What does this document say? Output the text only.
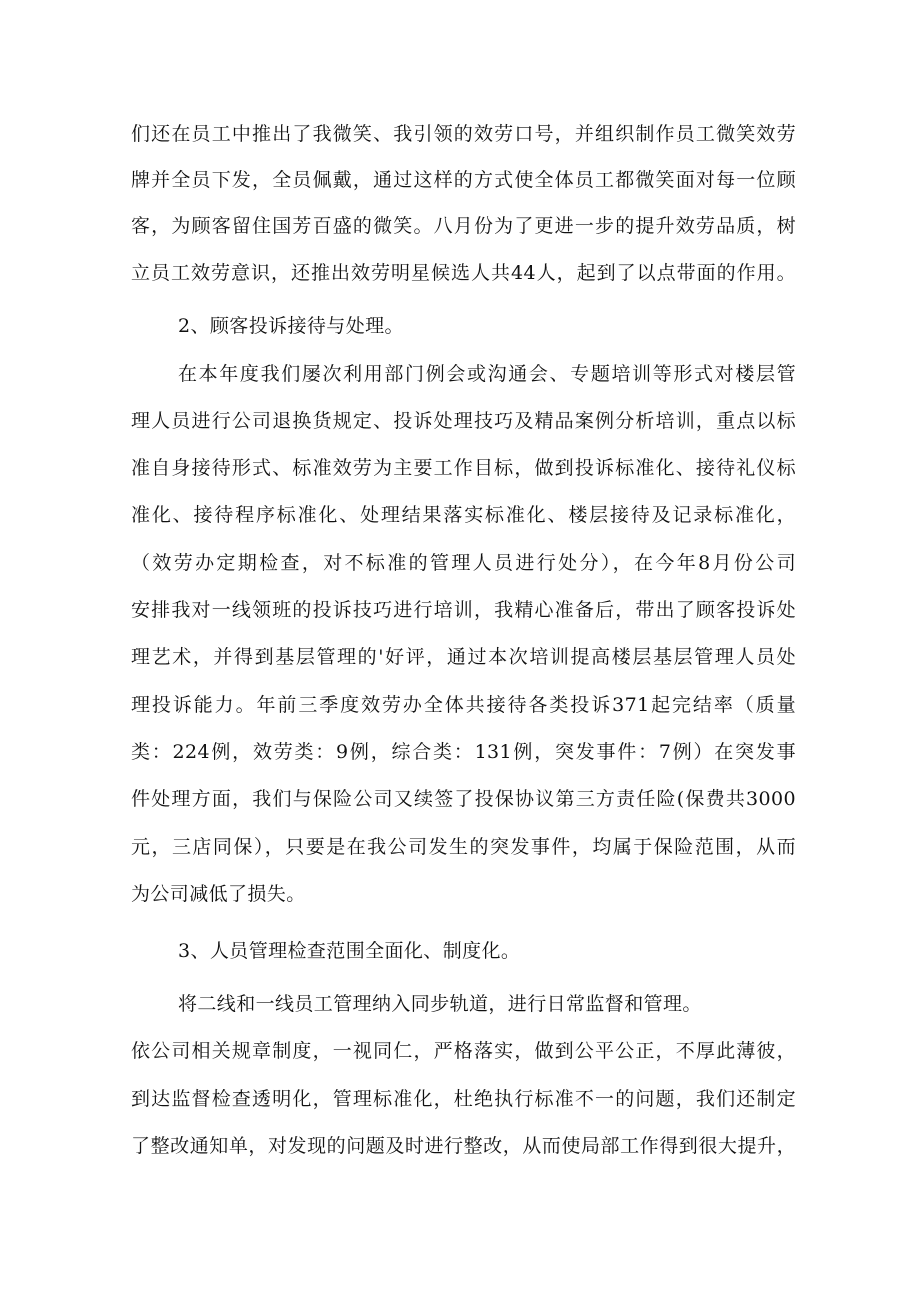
们还在员工中推出了我微笑、我引领的效劳口号，并组织制作员工微笑效劳
牌并全员下发，全员佩戴，通过这样的方式使全体员工都微笑面对每一位顾
客，为顾客留住国芳百盛的微笑。八月份为了更进一步的提升效劳品质，树
立员工效劳意识，还推出效劳明星候选人共44人，起到了以点带面的作用。
2、顾客投诉接待与处理。
在本年度我们屡次利用部门例会或沟通会、专题培训等形式对楼层管
理人员进行公司退换货规定、投诉处理技巧及精品案例分析培训，重点以标
准自身接待形式、标准效劳为主要工作目标，做到投诉标准化、接待礼仪标
准化、接待程序标准化、处理结果落实标准化、楼层接待及记录标准化，
（效劳办定期检查，对不标准的管理人员进行处分），在今年8月份公司
安排我对一线领班的投诉技巧进行培训，我精心准备后，带出了顾客投诉处
理艺术，并得到基层管理的'好评，通过本次培训提高楼层基层管理人员处
理投诉能力。年前三季度效劳办全体共接待各类投诉371起完结率（质量
类：224例，效劳类：9例，综合类：131例，突发事件：7例）在突发事
件处理方面，我们与保险公司又续签了投保协议第三方责任险(保费共3000
元，三店同保），只要是在我公司发生的突发事件，均属于保险范围，从而
为公司减低了损失。
3、人员管理检查范围全面化、制度化。
将二线和一线员工管理纳入同步轨道，进行日常监督和管理。
依公司相关规章制度，一视同仁，严格落实，做到公平公正，不厚此薄彼，
到达监督检查透明化，管理标准化，杜绝执行标准不一的问题，我们还制定
了整改通知单，对发现的问题及时进行整改，从而使局部工作得到很大提升，
